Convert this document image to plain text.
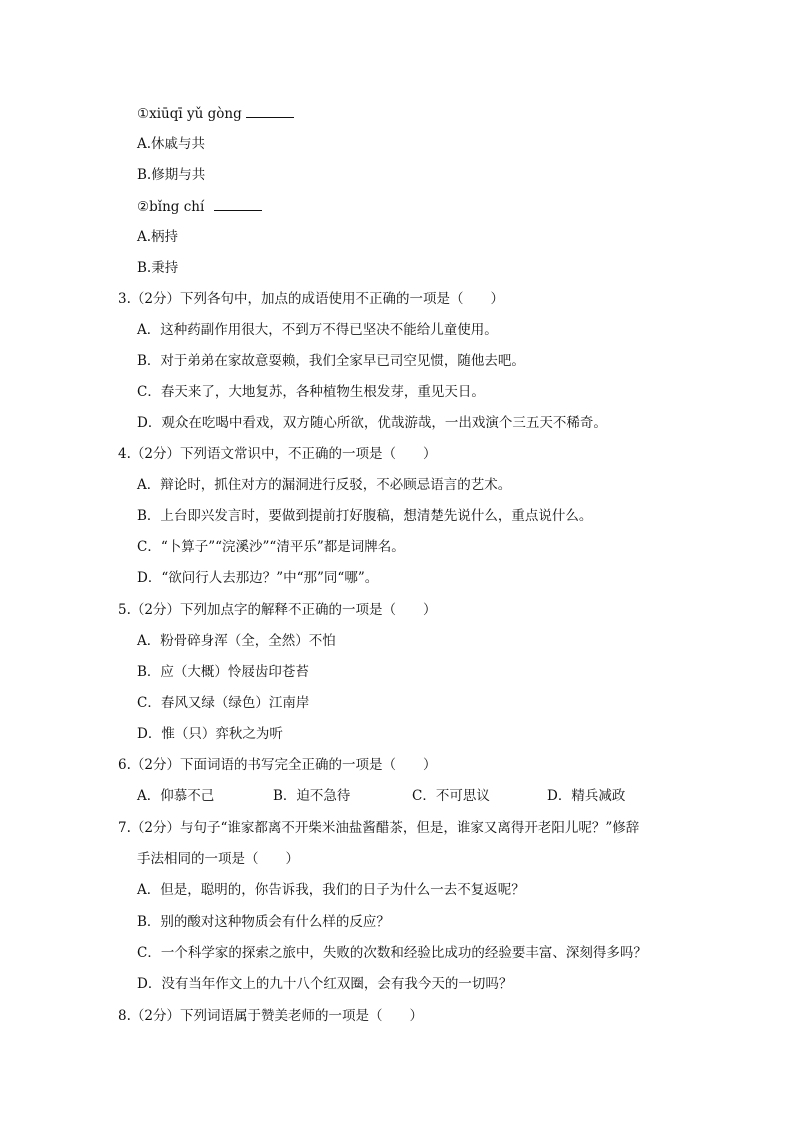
①xiūqī yǔ gòng
A.休戚与共
B.修期与共
②bǐng chí
A.柄持
B.秉持
3.（2分）下列各句中，加点的成语使用不正确的一项是（　　）
A．这种药副作用很大，不到万不得已坚决不能给儿童使用。
B．对于弟弟在家故意耍赖，我们全家早已司空见惯，随他去吧。
C．春天来了，大地复苏，各种植物生根发芽，重见天日。
D．观众在吃喝中看戏，双方随心所欲，优哉游哉，一出戏演个三五天不稀奇。
4.（2分）下列语文常识中，不正确的一项是（　　）
A．辩论时，抓住对方的漏洞进行反驳，不必顾忌语言的艺术。
B．上台即兴发言时，要做到提前打好腹稿，想清楚先说什么，重点说什么。
C．“卜算子”“浣溪沙”“清平乐”都是词牌名。
D．“欲问行人去那边？”中“那”同“哪”。
5.（2分）下列加点字的解释不正确的一项是（　　）
A．粉骨碎身浑（全，全然）不怕
B．应（大概）怜屐齿印苍苔
C．春风又绿（绿色）江南岸
D．惟（只）弈秋之为听
6.（2分）下面词语的书写完全正确的一项是（　　）
A．仰慕不己	B．迫不急待	C．不可思议	D．精兵减政
7.（2分）与句子“谁家都离不开柴米油盐酱醋茶，但是，谁家又离得开老阳儿呢？”修辞
手法相同的一项是（　　）
A．但是，聪明的，你告诉我，我们的日子为什么一去不复返呢？
B．别的酸对这种物质会有什么样的反应？
C．一个科学家的探索之旅中，失败的次数和经验比成功的经验要丰富、深刻得多吗？
D．没有当年作文上的九十八个红双圈，会有我今天的一切吗？
8.（2分）下列词语属于赞美老师的一项是（　　）
